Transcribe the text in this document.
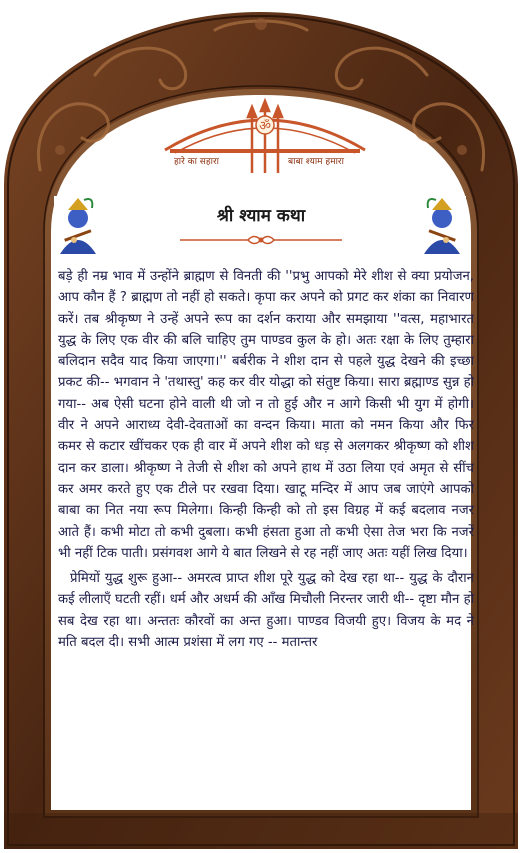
ॐ
हारे का सहारा	बाबा श्याम हमारा
श्री श्याम कथा

बड़े ही नम्र भाव में उन्होंने ब्राह्मण से विनती की ''प्रभु आपको मेरे शीश से क्या प्रयोजन, आप कौन हैं ? ब्राह्मण तो नहीं हो सकते। कृपा कर अपने को प्रगट कर शंका का निवारण करें। तब श्रीकृष्ण ने उन्हें अपने रूप का दर्शन कराया और समझाया ''वत्स, महाभारत युद्ध के लिए एक वीर की बलि चाहिए तुम पाण्डव कुल के हो। अतः रक्षा के लिए तुम्हारा बलिदान सदैव याद किया जाएगा।'' बर्बरीक ने शीश दान से पहले युद्ध देखने की इच्छा प्रकट की-- भगवान ने 'तथास्तु' कह कर वीर योद्धा को संतुष्ट किया। सारा ब्रह्माण्ड सुन्न हो गया-- अब ऐसी घटना होने वाली थी जो न तो हुई और न आगे किसी भी युग में होगी। वीर ने अपने आराध्य देवी-देवताओं का वन्दन किया। माता को नमन किया और फिर कमर से कटार खींचकर एक ही वार में अपने शीश को धड़ से अलगकर श्रीकृष्ण को शीश दान कर डाला। श्रीकृष्ण ने तेजी से शीश को अपने हाथ में उठा लिया एवं अमृत से सींच कर अमर करते हुए एक टीले पर रखवा दिया। खाटू मन्दिर में आप जब जाएंगे आपको बाबा का नित नया रूप मिलेगा। किन्ही किन्ही को तो इस विग्रह में कई बदलाव नजर आते हैं। कभी मोटा तो कभी दुबला। कभी हंसता हुआ तो कभी ऐसा तेज भरा कि नजरें भी नहीं टिक पाती। प्रसंगवश आगे ये बात लिखने से रह नहीं जाए अतः यहीं लिख दिया।

प्रेमियों युद्ध शुरू हुआ-- अमरत्व प्राप्त शीश पूरे युद्ध को देख रहा था-- युद्ध के दौरान कई लीलाएँ घटती रहीं। धर्म और अधर्म की आँख मिचौली निरन्तर जारी थी-- दृष्टा मौन हो सब देख रहा था। अन्ततः कौरवों का अन्त हुआ। पाण्डव विजयी हुए। विजय के मद ने मति बदल दी। सभी आत्म प्रशंसा में लग गए -- मतान्तर
